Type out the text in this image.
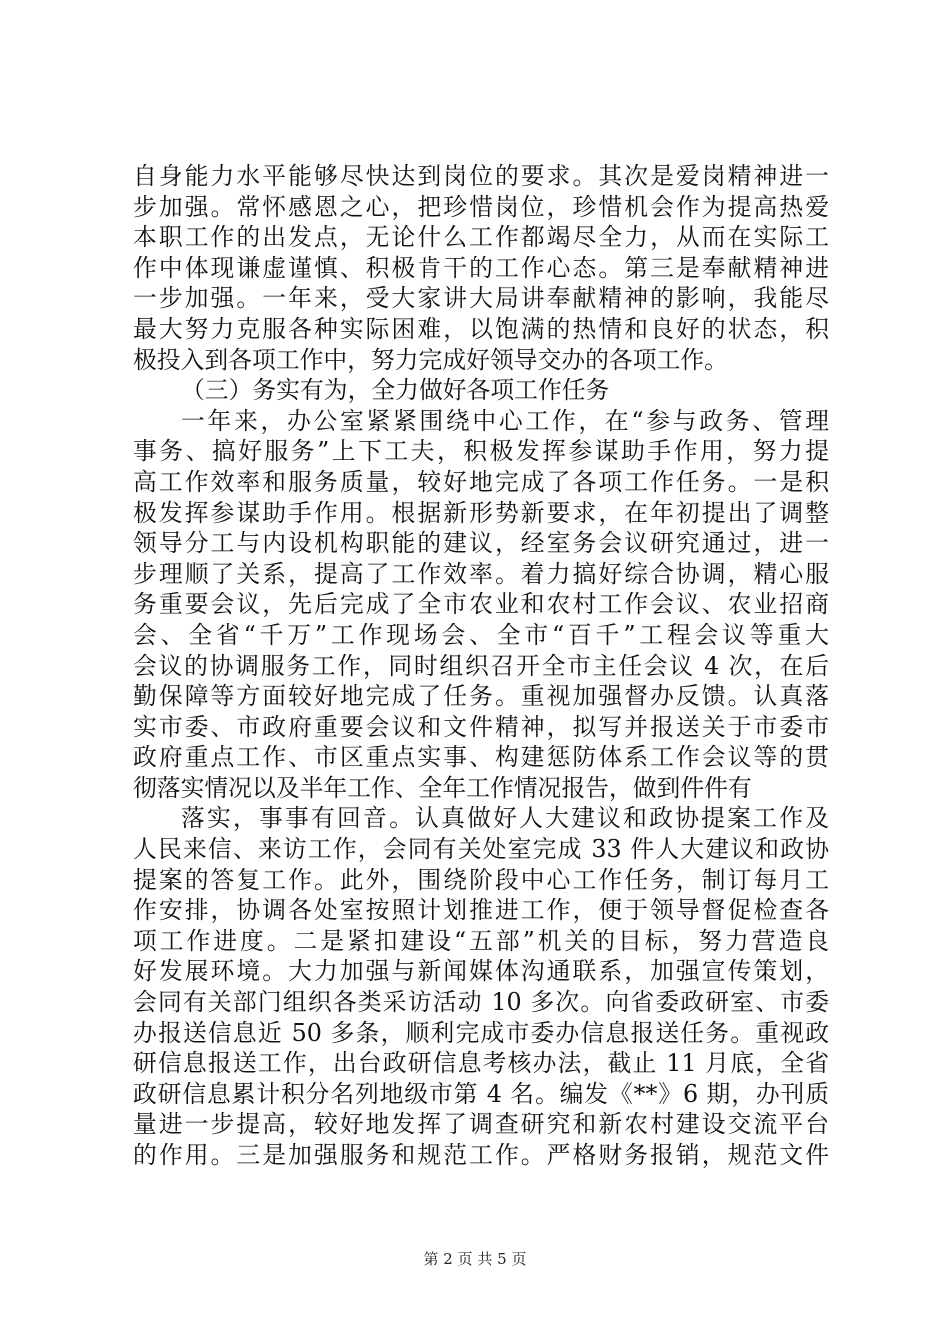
自身能力水平能够尽快达到岗位的要求。其次是爱岗精神进一
步加强。常怀感恩之心，把珍惜岗位，珍惜机会作为提高热爱
本职工作的出发点，无论什么工作都竭尽全力，从而在实际工
作中体现谦虚谨慎、积极肯干的工作心态。第三是奉献精神进
一步加强。一年来，受大家讲大局讲奉献精神的影响，我能尽
最大努力克服各种实际困难，以饱满的热情和良好的状态，积
极投入到各项工作中，努力完成好领导交办的各项工作。
（三）务实有为，全力做好各项工作任务
一年来，办公室紧紧围绕中心工作，在“参与政务、管理
事务、搞好服务”上下工夫，积极发挥参谋助手作用，努力提
高工作效率和服务质量，较好地完成了各项工作任务。一是积
极发挥参谋助手作用。根据新形势新要求，在年初提出了调整
领导分工与内设机构职能的建议，经室务会议研究通过，进一
步理顺了关系，提高了工作效率。着力搞好综合协调，精心服
务重要会议，先后完成了全市农业和农村工作会议、农业招商
会、全省“千万”工作现场会、全市“百千”工程会议等重大
会议的协调服务工作，同时组织召开全市主任会议 4 次，在后
勤保障等方面较好地完成了任务。重视加强督办反馈。认真落
实市委、市政府重要会议和文件精神，拟写并报送关于市委市
政府重点工作、市区重点实事、构建惩防体系工作会议等的贯
彻落实情况以及半年工作、全年工作情况报告，做到件件有
落实，事事有回音。认真做好人大建议和政协提案工作及
人民来信、来访工作，会同有关处室完成 33 件人大建议和政协
提案的答复工作。此外，围绕阶段中心工作任务，制订每月工
作安排，协调各处室按照计划推进工作，便于领导督促检查各
项工作进度。二是紧扣建设“五部”机关的目标，努力营造良
好发展环境。大力加强与新闻媒体沟通联系，加强宣传策划，
会同有关部门组织各类采访活动 10 多次。向省委政研室、市委
办报送信息近 50 多条，顺利完成市委办信息报送任务。重视政
研信息报送工作，出台政研信息考核办法，截止 11 月底，全省
政研信息累计积分名列地级市第 4 名。编发《**》6 期，办刊质
量进一步提高，较好地发挥了调查研究和新农村建设交流平台
的作用。三是加强服务和规范工作。严格财务报销，规范文件
第 2 页 共 5 页
